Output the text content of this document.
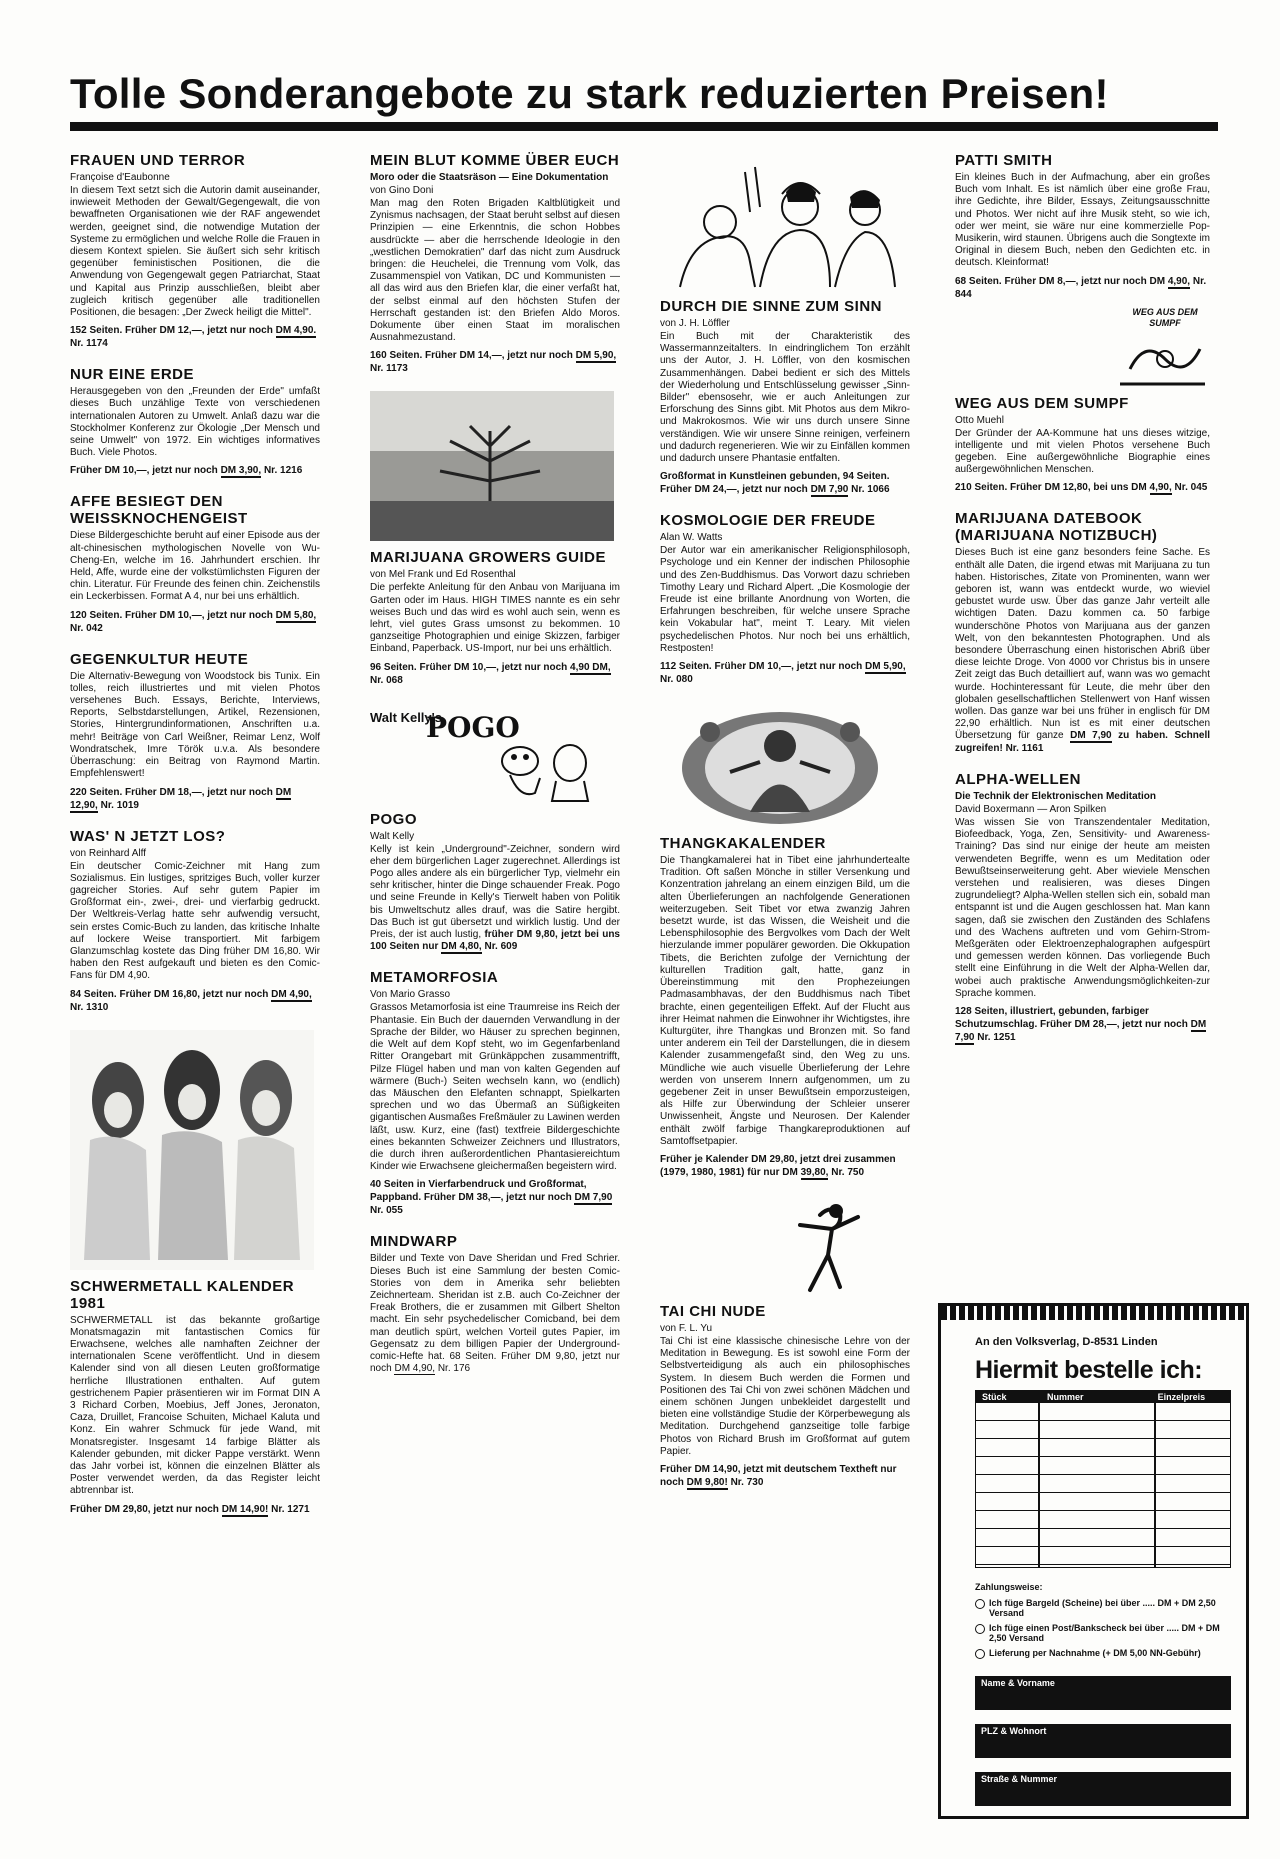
Tolle Sonderangebote zu stark reduzierten Preisen!
FRAUEN UND TERROR

Françoise d'Eaubonne

In diesem Text setzt sich die Autorin damit auseinander, inwieweit Methoden der Gewalt/Gegengewalt, die von bewaffneten Organisationen wie der RAF angewendet werden, geeignet sind, die notwendige Mutation der Systeme zu ermöglichen und welche Rolle die Frauen in diesem Kontext spielen. Sie äußert sich sehr kritisch gegenüber feministischen Positionen, die die Anwendung von Gegengewalt gegen Patriarchat, Staat und Kapital aus Prinzip ausschließen, bleibt aber zugleich kritisch gegenüber alle traditionellen Positionen, die besagen: „Der Zweck heiligt die Mittel".

152 Seiten. Früher DM 12,—, jetzt nur noch DM 4,90. Nr. 1174

NUR EINE ERDE

Herausgegeben von den „Freunden der Erde" umfaßt dieses Buch unzählige Texte von verschiedenen internationalen Autoren zu Umwelt. Anlaß dazu war die Stockholmer Konferenz zur Ökologie „Der Mensch und seine Umwelt" von 1972. Ein wichtiges informatives Buch. Viele Photos.

Früher DM 10,—, jetzt nur noch DM 3,90, Nr. 1216

AFFE BESIEGT DEN WEISSKNOCHENGEIST

Diese Bildergeschichte beruht auf einer Episode aus der alt-chinesischen mythologischen Novelle von Wu-Cheng-En, welche im 16. Jahrhundert erschien. Ihr Held, Affe, wurde eine der volkstümlichsten Figuren der chin. Literatur. Für Freunde des feinen chin. Zeichenstils ein Leckerbissen. Format A 4, nur bei uns erhältlich.

120 Seiten. Früher DM 10,—, jetzt nur noch DM 5,80, Nr. 042

GEGENKULTUR HEUTE

Die Alternativ-Bewegung von Woodstock bis Tunix. Ein tolles, reich illustriertes und mit vielen Photos versehenes Buch. Essays, Berichte, Interviews, Reports, Selbstdarstellungen, Artikel, Rezensionen, Stories, Hintergrundinformationen, Anschriften u.a. mehr! Beiträge von Carl Weißner, Reimar Lenz, Wolf Wondratschek, Imre Török u.v.a. Als besondere Überraschung: ein Beitrag von Raymond Martin. Empfehlenswert!

220 Seiten. Früher DM 18,—, jetzt nur noch DM 12,90, Nr. 1019

WAS' N JETZT LOS?

von Reinhard Alff

Ein deutscher Comic-Zeichner mit Hang zum Sozialismus. Ein lustiges, spritziges Buch, voller kurzer gagreicher Stories. Auf sehr gutem Papier im Großformat ein-, zwei-, drei- und vierfarbig gedruckt. Der Weltkreis-Verlag hatte sehr aufwendig versucht, sein erstes Comic-Buch zu landen, das kritische Inhalte auf lockere Weise transportiert. Mit farbigem Glanzumschlag kostete das Ding früher DM 16,80. Wir haben den Rest aufgekauft und bieten es den Comic-Fans für DM 4,90.

84 Seiten. Früher DM 16,80, jetzt nur noch DM 4,90, Nr. 1310

SCHWERMETALL KALENDER 1981

SCHWERMETALL ist das bekannte großartige Monatsmagazin mit fantastischen Comics für Erwachsene, welches alle namhaften Zeichner der internationalen Scene veröffentlicht. Und in diesem Kalender sind von all diesen Leuten großformatige herrliche Illustrationen enthalten. Auf gutem gestrichenem Papier präsentieren wir im Format DIN A 3 Richard Corben, Moebius, Jeff Jones, Jeronaton, Caza, Druillet, Francoise Schuiten, Michael Kaluta und Konz. Ein wahrer Schmuck für jede Wand, mit Monatsregister. Insgesamt 14 farbige Blätter als Kalender gebunden, mit dicker Pappe verstärkt. Wenn das Jahr vorbei ist, können die einzelnen Blätter als Poster verwendet werden, da das Register leicht abtrennbar ist.

Früher DM 29,80, jetzt nur noch DM 14,90! Nr. 1271

MEIN BLUT KOMME ÜBER EUCH

Moro oder die Staatsräson — Eine Dokumentation

von Gino Doni

Man mag den Roten Brigaden Kaltblütigkeit und Zynismus nachsagen, der Staat beruht selbst auf diesen Prinzipien — eine Erkenntnis, die schon Hobbes ausdrückte — aber die herrschende Ideologie in den „westlichen Demokratien" darf das nicht zum Ausdruck bringen: die Heuchelei, die Trennung vom Volk, das Zusammenspiel von Vatikan, DC und Kommunisten — all das wird aus den Briefen klar, die einer verfaßt hat, der selbst einmal auf den höchsten Stufen der Herrschaft gestanden ist: den Briefen Aldo Moros. Dokumente über einen Staat im moralischen Ausnahmezustand.

160 Seiten. Früher DM 14,—, jetzt nur noch DM 5,90, Nr. 1173

MARIJUANA GROWERS GUIDE

von Mel Frank und Ed Rosenthal

Die perfekte Anleitung für den Anbau von Marijuana im Garten oder im Haus. HIGH TIMES nannte es ein sehr weises Buch und das wird es wohl auch sein, wenn es lehrt, viel gutes Grass umsonst zu bekommen. 10 ganzseitige Photographien und einige Skizzen, farbiger Einband, Paperback. US-Import, nur bei uns erhältlich.

96 Seiten. Früher DM 10,—, jetzt nur noch 4,90 DM, Nr. 068

Walt Kelly's
POGO
POGO

Walt Kelly

Kelly ist kein „Underground"-Zeichner, sondern wird eher dem bürgerlichen Lager zugerechnet. Allerdings ist Pogo alles andere als ein bürgerlicher Typ, vielmehr ein sehr kritischer, hinter die Dinge schauender Freak. Pogo und seine Freunde in Kelly's Tierwelt haben von Politik bis Umweltschutz alles drauf, was die Satire hergibt. Das Buch ist gut übersetzt und wirklich lustig. Und der Preis, der ist auch lustig, früher DM 9,80, jetzt bei uns 100 Seiten nur DM 4,80, Nr. 609

METAMORFOSIA

Von Mario Grasso

Grassos Metamorfosia ist eine Traumreise ins Reich der Phantasie. Ein Buch der dauernden Verwandlung in der Sprache der Bilder, wo Häuser zu sprechen beginnen, die Welt auf dem Kopf steht, wo im Gegenfarbenland Ritter Orangebart mit Grünkäppchen zusammentrifft, Pilze Flügel haben und man von kalten Gegenden auf wärmere (Buch-) Seiten wechseln kann, wo (endlich) das Mäuschen den Elefanten schnappt, Spielkarten sprechen und wo das Übermaß an Süßigkeiten gigantischen Ausmaßes Freßmäuler zu Lawinen werden läßt, usw. Kurz, eine (fast) textfreie Bildergeschichte eines bekannten Schweizer Zeichners und Illustrators, die durch ihren außerordentlichen Phantasiereichtum Kinder wie Erwachsene gleichermaßen begeistern wird.

40 Seiten in Vierfarbendruck und Großformat, Pappband. Früher DM 38,—, jetzt nur noch DM 7,90 Nr. 055

MINDWARP

Bilder und Texte von Dave Sheridan und Fred Schrier. Dieses Buch ist eine Sammlung der besten Comic-Stories von dem in Amerika sehr beliebten Zeichnerteam. Sheridan ist z.B. auch Co-Zeichner der Freak Brothers, die er zusammen mit Gilbert Shelton macht. Ein sehr psychedelischer Comicband, bei dem man deutlich spürt, welchen Vorteil gutes Papier, im Gegensatz zu dem billigen Papier der Underground-comic-Hefte hat. 68 Seiten. Früher DM 9,80, jetzt nur noch DM 4,90, Nr. 176

DURCH DIE SINNE ZUM SINN

von J. H. Löffler

Ein Buch mit der Charakteristik des Wassermannzeitalters. In eindringlichem Ton erzählt uns der Autor, J. H. Löffler, von den kosmischen Zusammenhängen. Dabei bedient er sich des Mittels der Wiederholung und Entschlüsselung gewisser „Sinn-Bilder" ebensosehr, wie er auch Anleitungen zur Erforschung des Sinns gibt. Mit Photos aus dem Mikro- und Makrokosmos. Wie wir uns durch unsere Sinne verständigen. Wie wir unsere Sinne reinigen, verfeinern und dadurch regenerieren. Wie wir zu Einfällen kommen und dadurch unsere Phantasie entfalten.

Großformat in Kunstleinen gebunden, 94 Seiten. Früher DM 24,—, jetzt nur noch DM 7,90 Nr. 1066

KOSMOLOGIE DER FREUDE

Alan W. Watts

Der Autor war ein amerikanischer Religionsphilosoph, Psychologe und ein Kenner der indischen Philosophie und des Zen-Buddhismus. Das Vorwort dazu schrieben Timothy Leary und Richard Alpert. „Die Kosmologie der Freude ist eine brillante Anordnung von Worten, die Erfahrungen beschreiben, für welche unsere Sprache kein Vokabular hat", meint T. Leary. Mit vielen psychedelischen Photos. Nur noch bei uns erhältlich, Restposten!

112 Seiten. Früher DM 10,—, jetzt nur noch DM 5,90, Nr. 080

THANGKAKALENDER

Die Thangkamalerei hat in Tibet eine jahrhundertealte Tradition. Oft saßen Mönche in stiller Versenkung und Konzentration jahrelang an einem einzigen Bild, um die alten Überlieferungen an nachfolgende Generationen weiterzugeben. Seit Tibet vor etwa zwanzig Jahren besetzt wurde, ist das Wissen, die Weisheit und die Lebensphilosophie des Bergvolkes vom Dach der Welt hierzulande immer populärer geworden. Die Okkupation Tibets, die Berichten zufolge der Vernichtung der kulturellen Tradition galt, hatte, ganz in Übereinstimmung mit den Prophezeiungen Padmasambhavas, der den Buddhismus nach Tibet brachte, einen gegenteiligen Effekt. Auf der Flucht aus ihrer Heimat nahmen die Einwohner ihr Wichtigstes, ihre Kulturgüter, ihre Thangkas und Bronzen mit. So fand unter anderem ein Teil der Darstellungen, die in diesem Kalender zusammengefaßt sind, den Weg zu uns. Mündliche wie auch visuelle Überlieferung der Lehre werden von unserem Innern aufgenommen, um zu gegebener Zeit in unser Bewußtsein emporzusteigen, als Hilfe zur Überwindung der Schleier unserer Unwissenheit, Ängste und Neurosen. Der Kalender enthält zwölf farbige Thangkareproduktionen auf Samtoffsetpapier.

Früher je Kalender DM 29,80, jetzt drei zusammen (1979, 1980, 1981) für nur DM 39,80, Nr. 750

TAI CHI NUDE

von F. L. Yu

Tai Chi ist eine klassische chinesische Lehre von der Meditation in Bewegung. Es ist sowohl eine Form der Selbstverteidigung als auch ein philosophisches System. In diesem Buch werden die Formen und Positionen des Tai Chi von zwei schönen Mädchen und einem schönen Jungen unbekleidet dargestellt und bieten eine vollständige Studie der Körperbewegung als Meditation. Durchgehend ganzseitige tolle farbige Photos von Richard Brush im Großformat auf gutem Papier.

Früher DM 14,90, jetzt mit deutschem Textheft nur noch DM 9,80! Nr. 730

PATTI SMITH

Ein kleines Buch in der Aufmachung, aber ein großes Buch vom Inhalt. Es ist nämlich über eine große Frau, ihre Gedichte, ihre Bilder, Essays, Zeitungsausschnitte und Photos. Wer nicht auf ihre Musik steht, so wie ich, oder wer meint, sie wäre nur eine kommerzielle Pop-Musikerin, wird staunen. Übrigens auch die Songtexte im Original in diesem Buch, neben den Gedichten etc. in deutsch. Kleinformat!

68 Seiten. Früher DM 8,—, jetzt nur noch DM 4,90, Nr. 844

WEG AUS DEM SUMPF
WEG AUS DEM SUMPF

Otto Muehl

Der Gründer der AA-Kommune hat uns dieses witzige, intelligente und mit vielen Photos versehene Buch gegeben. Eine außergewöhnliche Biographie eines außergewöhnlichen Menschen.

210 Seiten. Früher DM 12,80, bei uns DM 4,90, Nr. 045

MARIJUANA DATEBOOK (MARIJUANA NOTIZBUCH)

Dieses Buch ist eine ganz besonders feine Sache. Es enthält alle Daten, die irgend etwas mit Marijuana zu tun haben. Historisches, Zitate von Prominenten, wann wer geboren ist, wann was entdeckt wurde, wo wieviel gebustet wurde usw. Über das ganze Jahr verteilt alle wichtigen Daten. Dazu kommen ca. 50 farbige wunderschöne Photos von Marijuana aus der ganzen Welt, von den bekanntesten Photographen. Und als besondere Überraschung einen historischen Abriß über diese leichte Droge. Von 4000 vor Christus bis in unsere Zeit zeigt das Buch detailliert auf, wann was wo gemacht wurde. Hochinteressant für Leute, die mehr über den globalen gesellschaftlichen Stellenwert von Hanf wissen wollen. Das ganze war bei uns früher in englisch für DM 22,90 erhältlich. Nun ist es mit einer deutschen Übersetzung für ganze DM 7,90 zu haben. Schnell zugreifen! Nr. 1161

ALPHA-WELLEN

Die Technik der Elektronischen Meditation

David Boxermann — Aron Spilken

Was wissen Sie von Transzendentaler Meditation, Biofeedback, Yoga, Zen, Sensitivity- und Awareness-Training? Das sind nur einige der heute am meisten verwendeten Begriffe, wenn es um Meditation oder Bewußtseinserweiterung geht. Aber wieviele Menschen verstehen und realisieren, was dieses Dingen zugrundeliegt? Alpha-Wellen stellen sich ein, sobald man entspannt ist und die Augen geschlossen hat. Man kann sagen, daß sie zwischen den Zuständen des Schlafens und des Wachens auftreten und vom Gehirn-Strom-Meßgeräten oder Elektroenzephalographen aufgespürt und gemessen werden können. Das vorliegende Buch stellt eine Einführung in die Welt der Alpha-Wellen dar, wobei auch praktische Anwendungsmöglichkeiten-zur Sprache kommen.

128 Seiten, illustriert, gebunden, farbiger Schutzumschlag. Früher DM 28,—, jetzt nur noch DM 7,90 Nr. 1251

An den Volksverlag, D-8531 Linden
Hiermit bestelle ich:
Stück	Nummer	Einzelpreis
Zahlungsweise:
Ich füge Bargeld (Scheine) bei über ..... DM + DM 2,50 Versand
Ich füge einen Post/Bankscheck bei über ..... DM + DM 2,50 Versand
Lieferung per Nachnahme (+ DM 5,00 NN-Gebühr)
Name & Vorname
PLZ & Wohnort
Straße & Nummer
